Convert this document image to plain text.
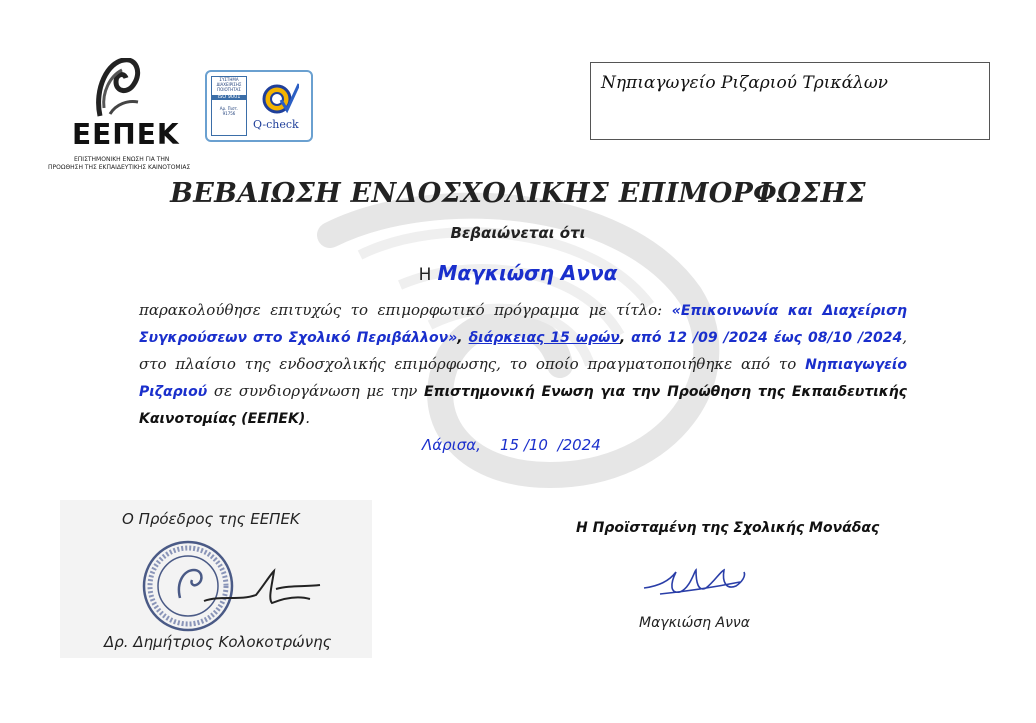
ΕΕΠΕΚ
ΕΠΙΣΤΗΜΟΝΙΚΗ ΕΝΩΣΗ ΓΙΑ ΤΗΝ
ΠΡΟΩΘΗΣΗ ΤΗΣ ΕΚΠΑΙΔΕΥΤΙΚΗΣ ΚΑΙΝΟΤΟΜΙΑΣ
ΣΥΣΤΗΜΑ
ΔΙΑΧΕΙΡΙΣΗΣ
ΠΟΙΟΤΗΤΑΣ
ISO 9001
Αρ. Πιστ.
91756
Q-check
Νηπιαγωγείο Ριζαριού Τρικάλων
ΒΕΒΑΙΩΣΗ ΕΝΔΟΣΧΟΛΙΚΗΣ ΕΠΙΜΟΡΦΩΣΗΣ
Βεβαιώνεται ότι
Η Μαγκιώση Αννα
παρακολούθησε επιτυχώς το επιμορφωτικό πρόγραμμα με τίτλο: «Επικοινωνία και Διαχείριση Συγκρούσεων στο Σχολικό Περιβάλλον», διάρκειας 15 ωρών, από 12 /09 /2024 έως 08/10 /2024, στο πλαίσιο της ενδοσχολικής επιμόρφωσης, το οποίο πραγματοποιήθηκε από το Νηπιαγωγείο Ριζαριού σε συνδιοργάνωση με την Επιστημονική Ενωση για την Προώθηση της Εκπαιδευτικής Καινοτομίας (ΕΕΠΕΚ).
Λάρισα,    15 /10  /2024
Ο Πρόεδρος της ΕΕΠΕΚ
Δρ. Δημήτριος Κολοκοτρώνης
Η Προϊσταμένη της Σχολικής Μονάδας
Μαγκιώση Αννα
